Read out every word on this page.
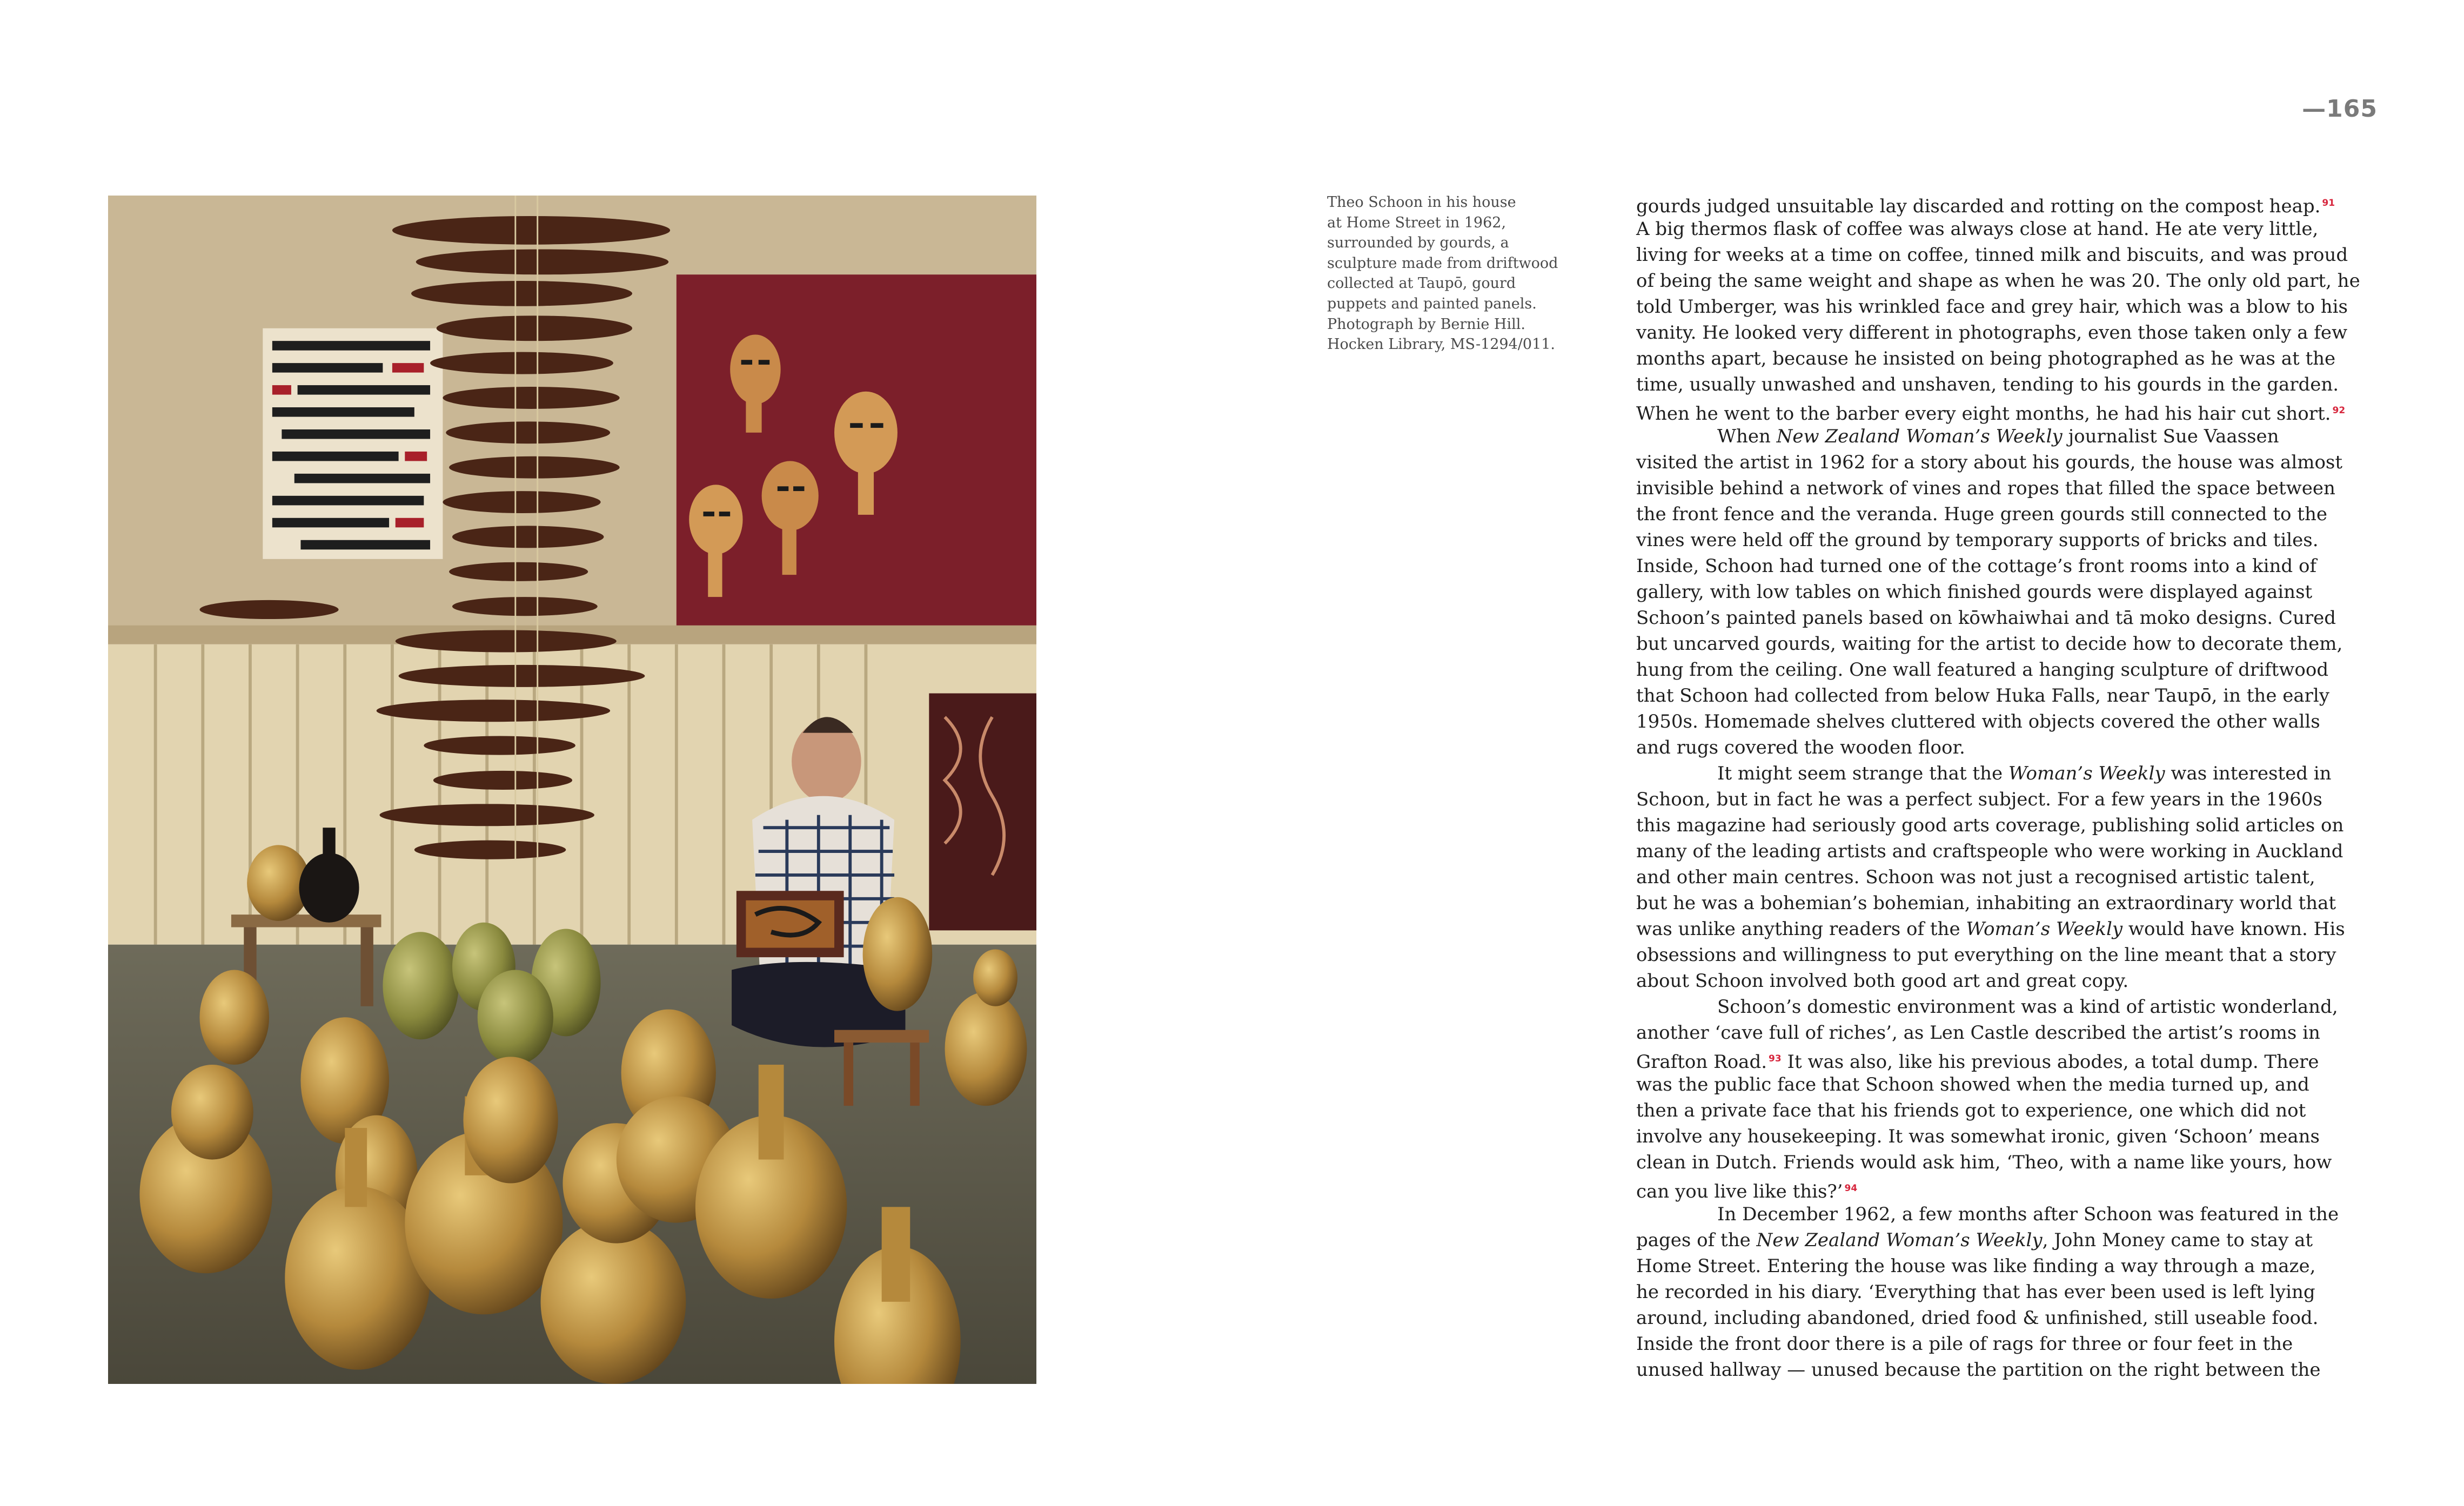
—165
Theo Schoon in his house
at Home Street in 1962,
surrounded by gourds, a
sculpture made from driftwood
collected at Taupō, gourd
puppets and painted panels.
Photograph by Bernie Hill.
Hocken Library, MS-1294/011.
gourds judged unsuitable lay discarded and rotting on the compost heap. $^{91}$
A big thermos flask of coffee was always close at hand. He ate very little,
living for weeks at a time on coffee, tinned milk and biscuits, and was proud
of being the same weight and shape as when he was 20. The only old part, he
told Umberger, was his wrinkled face and grey hair, which was a blow to his
vanity. He looked very different in photographs, even those taken only a few
months apart, because he insisted on being photographed as he was at the
time, usually unwashed and unshaven, tending to his gourds in the garden.
When he went to the barber every eight months, he had his hair cut short. $^{92}$
When New Zealand Woman’s Weekly journalist Sue Vaassen
visited the artist in 1962 for a story about his gourds, the house was almost
invisible behind a network of vines and ropes that filled the space between
the front fence and the veranda. Huge green gourds still connected to the
vines were held off the ground by temporary supports of bricks and tiles.
Inside, Schoon had turned one of the cottage’s front rooms into a kind of
gallery, with low tables on which finished gourds were displayed against
Schoon’s painted panels based on kōwhaiwhai and tā moko designs. Cured
but uncarved gourds, waiting for the artist to decide how to decorate them,
hung from the ceiling. One wall featured a hanging sculpture of driftwood
that Schoon had collected from below Huka Falls, near Taupō, in the early
1950s. Homemade shelves cluttered with objects covered the other walls
and rugs covered the wooden floor.
It might seem strange that the Woman’s Weekly was interested in
Schoon, but in fact he was a perfect subject. For a few years in the 1960s
this magazine had seriously good arts coverage, publishing solid articles on
many of the leading artists and craftspeople who were working in Auckland
and other main centres. Schoon was not just a recognised artistic talent,
but he was a bohemian’s bohemian, inhabiting an extraordinary world that
was unlike anything readers of the Woman’s Weekly would have known. His
obsessions and willingness to put everything on the line meant that a story
about Schoon involved both good art and great copy.
Schoon’s domestic environment was a kind of artistic wonderland,
another ‘cave full of riches’, as Len Castle described the artist’s rooms in
Grafton Road. $^{93}$ It was also, like his previous abodes, a total dump. There
was the public face that Schoon showed when the media turned up, and
then a private face that his friends got to experience, one which did not
involve any housekeeping. It was somewhat ironic, given ‘Schoon’ means
clean in Dutch. Friends would ask him, ‘Theo, with a name like yours, how
can you live like this?’ $^{94}$
In December 1962, a few months after Schoon was featured in the
pages of the New Zealand Woman’s Weekly, John Money came to stay at
Home Street. Entering the house was like finding a way through a maze,
he recorded in his diary. ‘Everything that has ever been used is left lying
around, including abandoned, dried food & unfinished, still useable food.
Inside the front door there is a pile of rags for three or four feet in the
unused hallway — unused because the partition on the right between the
